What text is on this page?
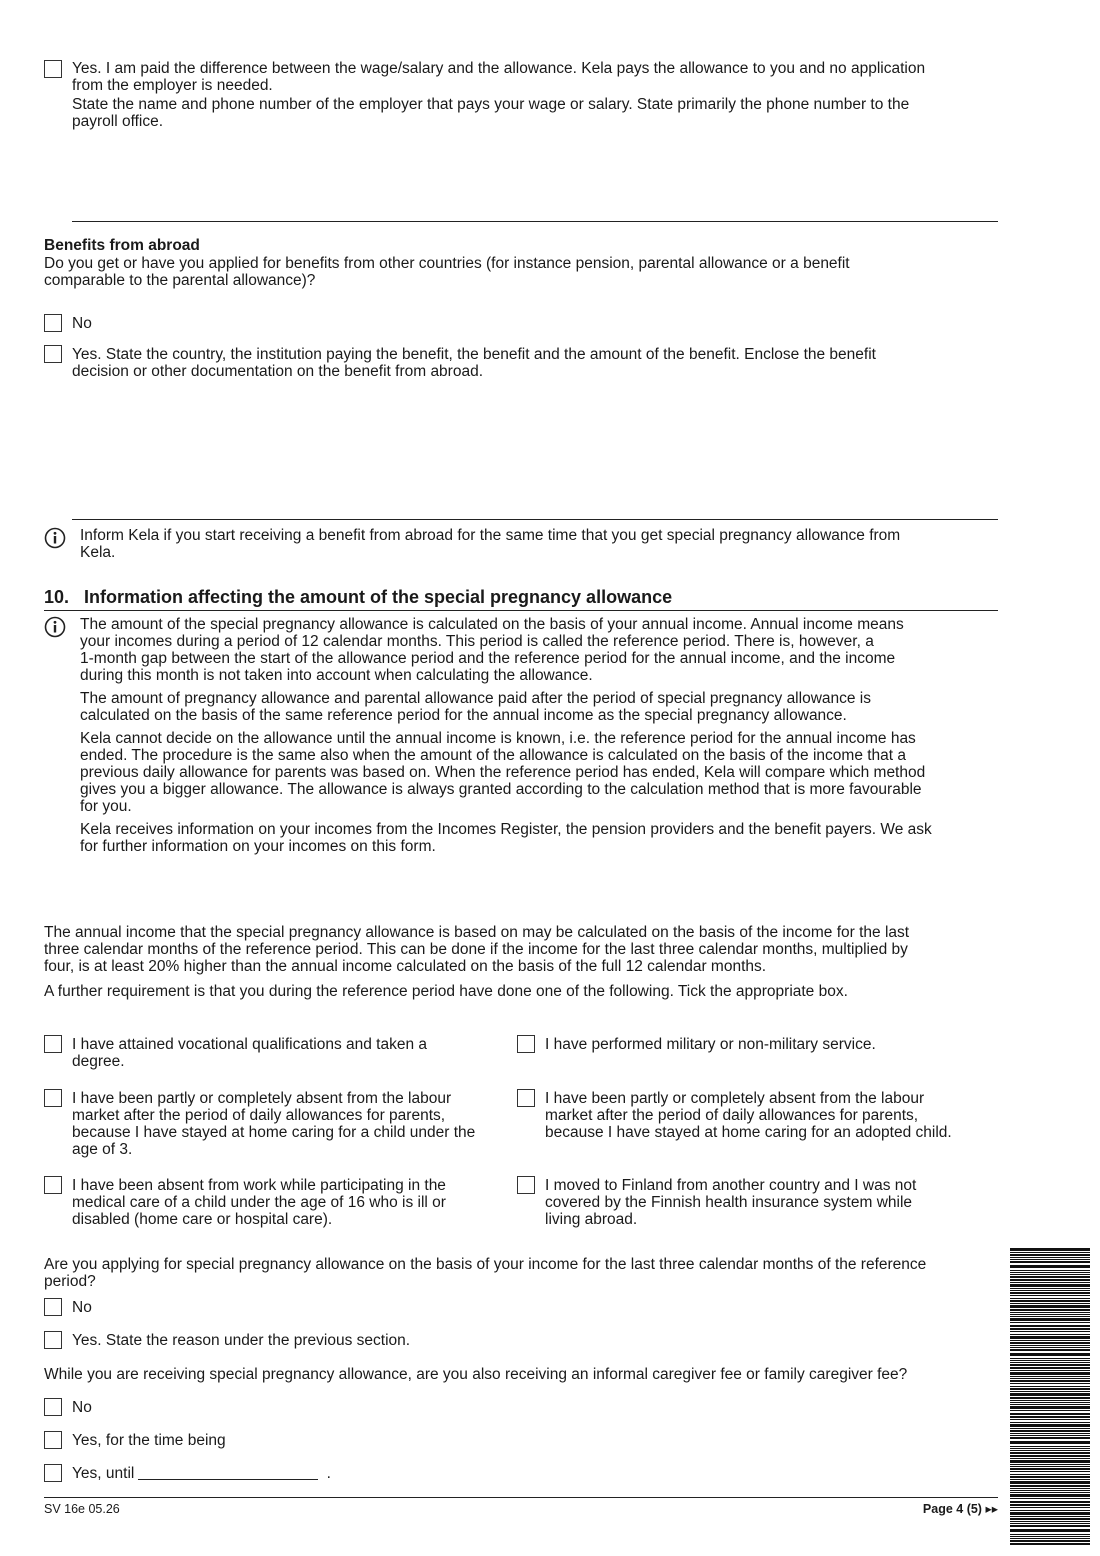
Yes. I am paid the difference between the wage/salary and the allowance. Kela pays the allowance to you and no application
from the employer is needed.
State the name and phone number of the employer that pays your wage or salary. State primarily the phone number to the
payroll office.
Benefits from abroad
Do you get or have you applied for benefits from other countries (for instance pension, parental allowance or a benefit
comparable to the parental allowance)?
No
Yes. State the country, the institution paying the benefit, the benefit and the amount of the benefit. Enclose the benefit
decision or other documentation on the benefit from abroad.
Inform Kela if you start receiving a benefit from abroad for the same time that you get special pregnancy allowance from
Kela.
10. Information affecting the amount of the special pregnancy allowance
The amount of the special pregnancy allowance is calculated on the basis of your annual income. Annual income means
your incomes during a period of 12 calendar months. This period is called the reference period. There is, however, a
1-month gap between the start of the allowance period and the reference period for the annual income, and the income
during this month is not taken into account when calculating the allowance.
The amount of pregnancy allowance and parental allowance paid after the period of special pregnancy allowance is
calculated on the basis of the same reference period for the annual income as the special pregnancy allowance.
Kela cannot decide on the allowance until the annual income is known, i.e. the reference period for the annual income has
ended. The procedure is the same also when the amount of the allowance is calculated on the basis of the income that a
previous daily allowance for parents was based on. When the reference period has ended, Kela will compare which method
gives you a bigger allowance. The allowance is always granted according to the calculation method that is more favourable
for you.
Kela receives information on your incomes from the Incomes Register, the pension providers and the benefit payers. We ask
for further information on your incomes on this form.
The annual income that the special pregnancy allowance is based on may be calculated on the basis of the income for the last
three calendar months of the reference period. This can be done if the income for the last three calendar months, multiplied by
four, is at least 20% higher than the annual income calculated on the basis of the full 12 calendar months.
A further requirement is that you during the reference period have done one of the following. Tick the appropriate box.
I have attained vocational qualifications and taken a
degree.
I have performed military or non-military service.
I have been partly or completely absent from the labour
market after the period of daily allowances for parents,
because I have stayed at home caring for a child under the
age of 3.
I have been partly or completely absent from the labour
market after the period of daily allowances for parents,
because I have stayed at home caring for an adopted child.
I have been absent from work while participating in the
medical care of a child under the age of 16 who is ill or
disabled (home care or hospital care).
I moved to Finland from another country and I was not
covered by the Finnish health insurance system while
living abroad.
Are you applying for special pregnancy allowance on the basis of your income for the last three calendar months of the reference
period?
No
Yes. State the reason under the previous section.
While you are receiving special pregnancy allowance, are you also receiving an informal caregiver fee or family caregiver fee?
No
Yes, for the time being
Yes, until	.
SV 16e 05.26	Page 4 (5) ▸▸
